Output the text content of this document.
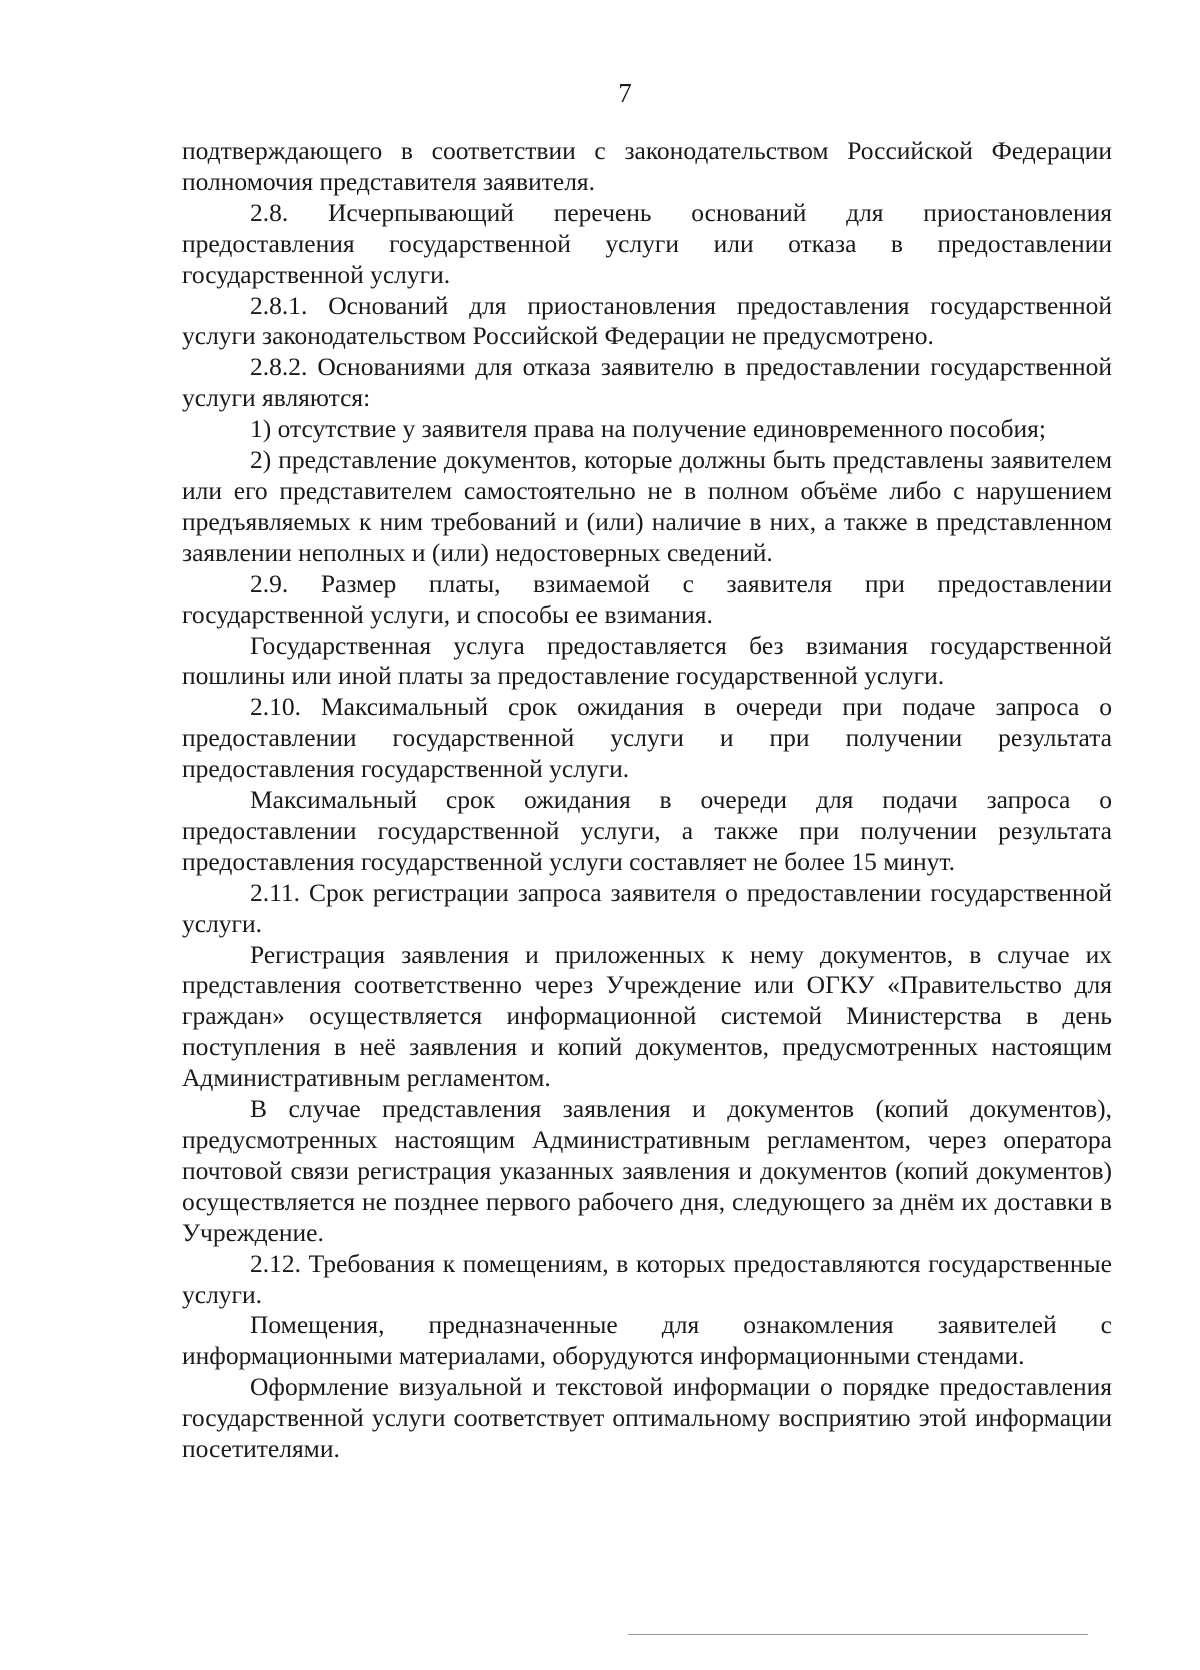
7

подтверждающего в соответствии с законодательством Российской Федерации полномочия представителя заявителя.

2.8. Исчерпывающий перечень оснований для приостановления предоставления государственной услуги или отказа в предоставлении государственной услуги.

2.8.1. Оснований для приостановления предоставления государственной услуги законодательством Российской Федерации не предусмотрено.

2.8.2. Основаниями для отказа заявителю в предоставлении государственной услуги являются:

1) отсутствие у заявителя права на получение единовременного пособия;

2) представление документов, которые должны быть представлены заявителем или его представителем самостоятельно не в полном объёме либо с нарушением предъявляемых к ним требований и (или) наличие в них, а также в представленном заявлении неполных и (или) недостоверных сведений.

2.9. Размер платы, взимаемой с заявителя при предоставлении государственной услуги, и способы ее взимания.

Государственная услуга предоставляется без взимания государственной пошлины или иной платы за предоставление государственной услуги.

2.10. Максимальный срок ожидания в очереди при подаче запроса о предоставлении государственной услуги и при получении результата предоставления государственной услуги.

Максимальный срок ожидания в очереди для подачи запроса о предоставлении государственной услуги, а также при получении результата предоставления государственной услуги составляет не более 15 минут.

2.11. Срок регистрации запроса заявителя о предоставлении государственной услуги.

Регистрация заявления и приложенных к нему документов, в случае их представления соответственно через Учреждение или ОГКУ «Правительство для граждан» осуществляется информационной системой Министерства в день поступления в неё заявления и копий документов, предусмотренных настоящим Административным регламентом.

В случае представления заявления и документов (копий документов), предусмотренных настоящим Административным регламентом, через оператора почтовой связи регистрация указанных заявления и документов (копий документов) осуществляется не позднее первого рабочего дня, следующего за днём их доставки в Учреждение.

2.12. Требования к помещениям, в которых предоставляются государственные услуги.

Помещения, предназначенные для ознакомления заявителей с информационными материалами, оборудуются информационными стендами.

Оформление визуальной и текстовой информации о порядке предоставления государственной услуги соответствует оптимальному восприятию этой информации посетителями.
